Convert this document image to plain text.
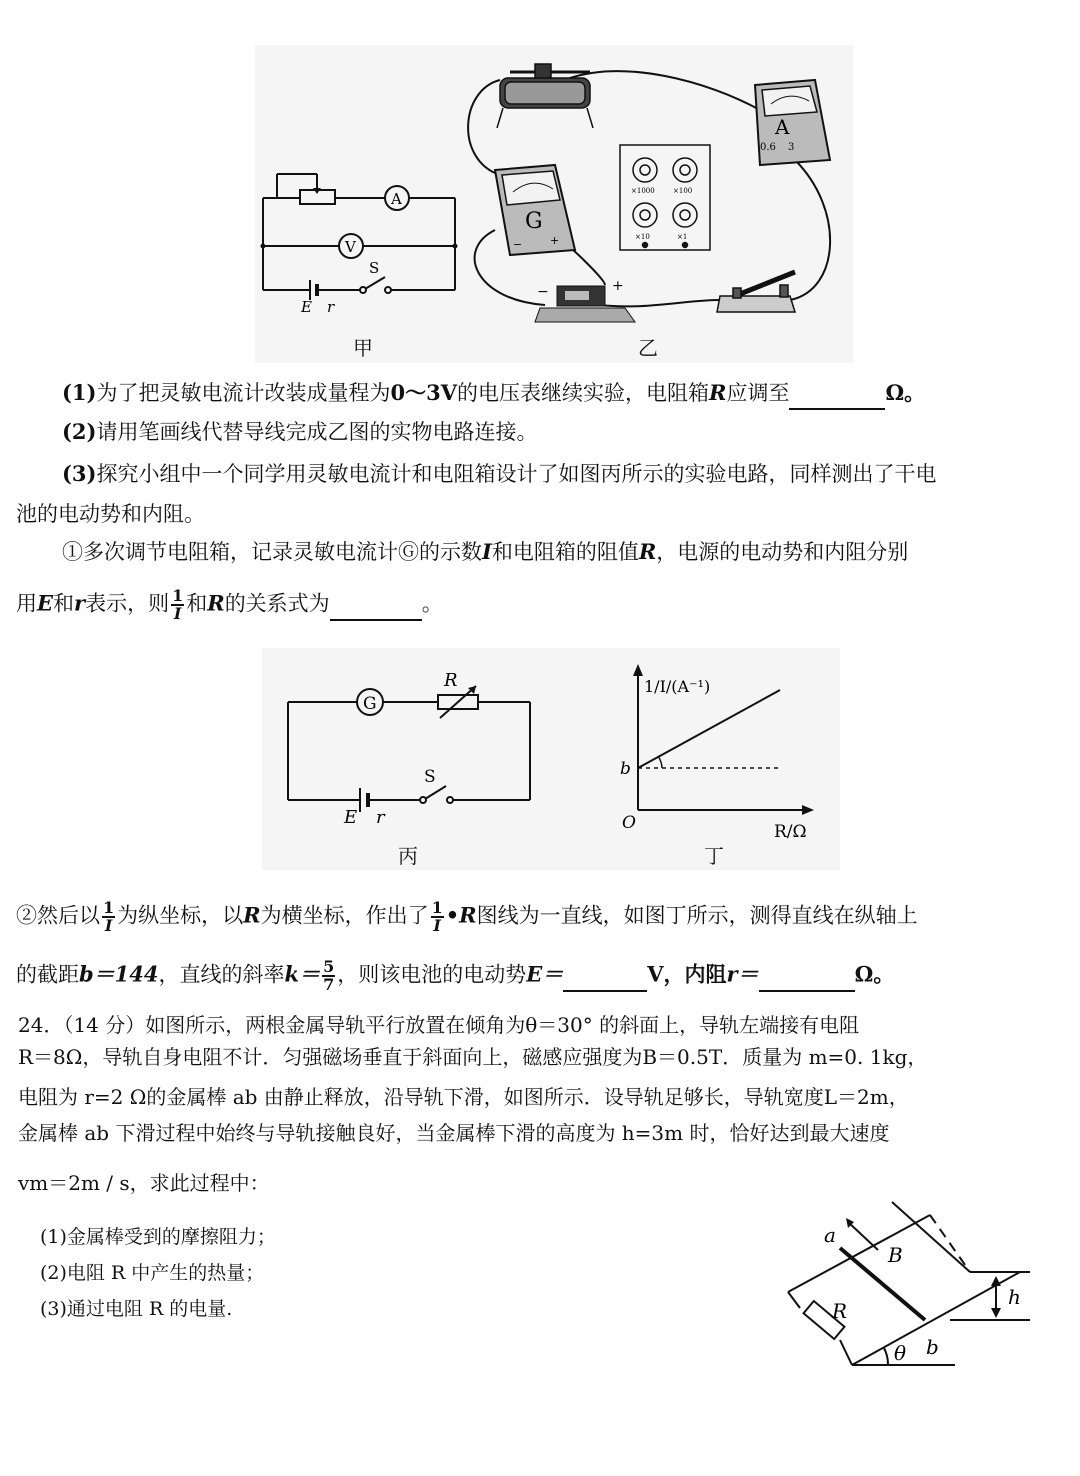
A
V
S
E r
甲
G
−	+
A
0.6 3
×1000	×100
×10	×1
−	+
乙
(1)为了把灵敏电流计改装成量程为0～3V的电压表继续实验，电阻箱R应调至	Ω。
(2)请用笔画线代替导线完成乙图的实物电路连接。
(3)探究小组中一个同学用灵敏电流计和电阻箱设计了如图丙所示的实验电路，同样测出了干电
池的电动势和内阻。
①多次调节电阻箱，记录灵敏电流计Ⓖ的示数I和电阻箱的阻值R，电源的电动势和内阻分别
用E和r表示，则 $\frac{1}{I}$ 和R的关系式为	。
G
R
S
E r
丙
1/I/(A⁻¹)
b
O	R/Ω
丁

②然后以 $\frac{1}{I}$ 为纵坐标，以R为横坐标，作出了 $\frac{1}{I}$ •R图线为一直线，如图丁所示，测得直线在纵轴上
的截距b＝144，直线的斜率$k= \frac{5}{7}$ ，则该电池的电动势E＝	V，内阻r＝	Ω。
24．（14 分）如图所示，两根金属导轨平行放置在倾角为θ＝30° 的斜面上，导轨左端接有电阻
R＝8Ω，导轨自身电阻不计．匀强磁场垂直于斜面向上，磁感应强度为B＝0.5T．质量为 m=0. 1kg，
电阻为 r=2 Ω的金属棒 ab 由静止释放，沿导轨下滑，如图所示．设导轨足够长，导轨宽度L＝2m，
金属棒 ab 下滑过程中始终与导轨接触良好，当金属棒下滑的高度为 h=3m 时，恰好达到最大速度
vm＝2m / s，求此过程中：
(1)金属棒受到的摩擦阻力；
(2)电阻 R 中产生的热量；
(3)通过电阻 R 的电量.
a
B
R
h
θ b
